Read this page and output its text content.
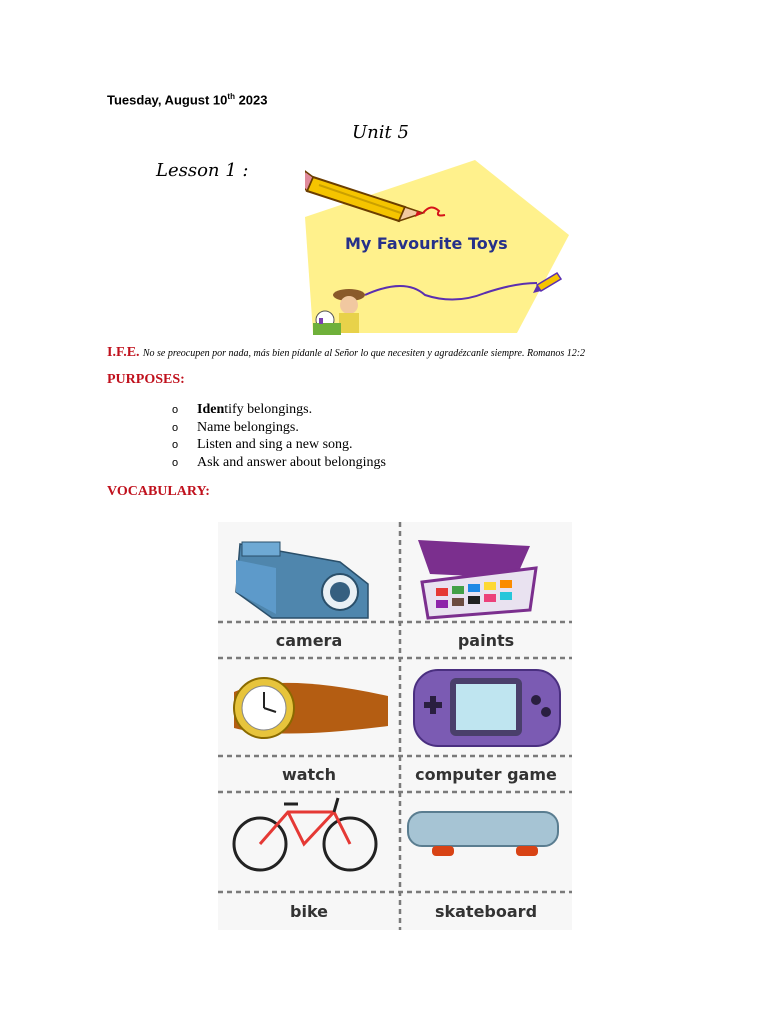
Tuesday, August 10th 2023
Unit 5
Lesson 1 :
My Favourite Toys
I.F.E. No se preocupen por nada, más bien pídanle al Señor lo que necesiten y agradézcanle siempre. Romanos 12:2
PURPOSES:
o Identify belongings.
o Name belongings.
o Listen and sing a new song.
o Ask and answer about belongings
VOCABULARY:
camera	paints
watch	computer game
bike	skateboard
